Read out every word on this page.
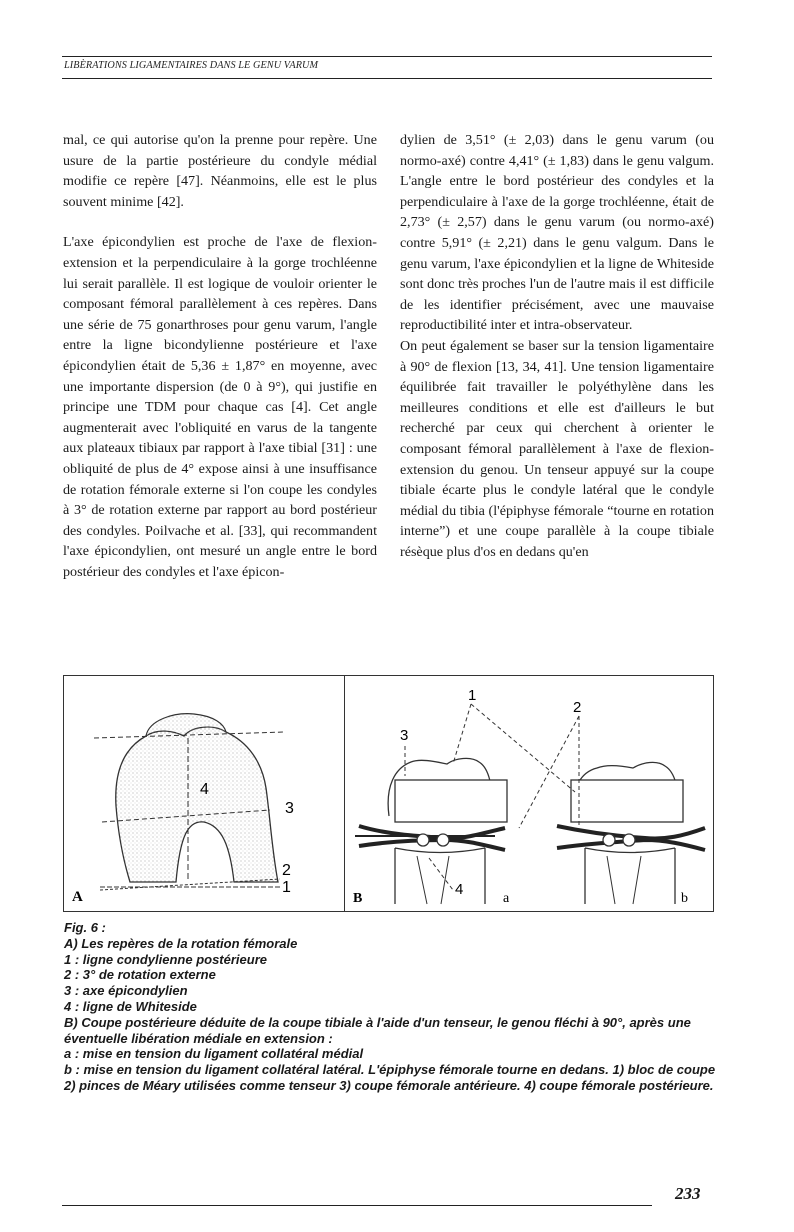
LIBÈRATIONS LIGAMENTAIRES DANS LE GENU VARUM

mal, ce qui autorise qu'on la prenne pour repère. Une usure de la partie postérieure du condyle médial modifie ce repère [47]. Néanmoins, elle est le plus souvent minime [42].

L'axe épicondylien est proche de l'axe de flexion-extension et la perpendiculaire à la gorge trochléenne lui serait parallèle. Il est logique de vouloir orienter le composant fémoral parallèlement à ces repères. Dans une série de 75 gonarthroses pour genu varum, l'angle entre la ligne bicondylienne postérieure et l'axe épicondylien était de 5,36 ± 1,87° en moyenne, avec une importante dispersion (de 0 à 9°), qui justifie en principe une TDM pour chaque cas [4]. Cet angle augmenterait avec l'obliquité en varus de la tangente aux plateaux tibiaux par rapport à l'axe tibial [31] : une obliquité de plus de 4° expose ainsi à une insuffisance de rotation fémorale externe si l'on coupe les condyles à 3° de rotation externe par rapport au bord postérieur des condyles. Poilvache et al. [33], qui recommandent l'axe épicondylien, ont mesuré un angle entre le bord postérieur des condyles et l'axe épicon-

dylien de 3,51° (± 2,03) dans le genu varum (ou normo-axé) contre 4,41° (± 1,83) dans le genu valgum. L'angle entre le bord postérieur des condyles et la perpendiculaire à l'axe de la gorge trochléenne, était de 2,73° (± 2,57) dans le genu varum (ou normo-axé) contre 5,91° (± 2,21) dans le genu valgum. Dans le genu varum, l'axe épicondylien et la ligne de Whiteside sont donc très proches l'un de l'autre mais il est difficile de les identifier précisément, avec une mauvaise reproductibilité inter et intra-observateur.

On peut également se baser sur la tension ligamentaire à 90° de flexion [13, 34, 41]. Une tension ligamentaire équilibrée fait travailler le polyéthylène dans les meilleures conditions et elle est d'ailleurs le but recherché par ceux qui cherchent à orienter le composant fémoral parallèlement à l'axe de flexion-extension du genou. Un tenseur appuyé sur la coupe tibiale écarte plus le condyle latéral que le condyle médial du tibia (l'épiphyse fémorale “tourne en rotation interne”) et une coupe parallèle à la coupe tibiale résèque plus d'os en dedans qu'en

4
3
2
1
A
1
2
3
4
a	b
B
Fig. 6 :
A) Les repères de la rotation fémorale
1 : ligne condylienne postérieure
2 : 3° de rotation externe
3 : axe épicondylien
4 : ligne de Whiteside
B) Coupe postérieure déduite de la coupe tibiale à l'aide d'un tenseur, le genou fléchi à 90°, après une éventuelle libération médiale en extension :
a : mise en tension du ligament collatéral médial
b : mise en tension du ligament collatéral latéral. L'épiphyse fémorale tourne en dedans. 1) bloc de coupe 2) pinces de Méary utilisées comme tenseur 3) coupe fémorale antérieure. 4) coupe fémorale postérieure.
233
